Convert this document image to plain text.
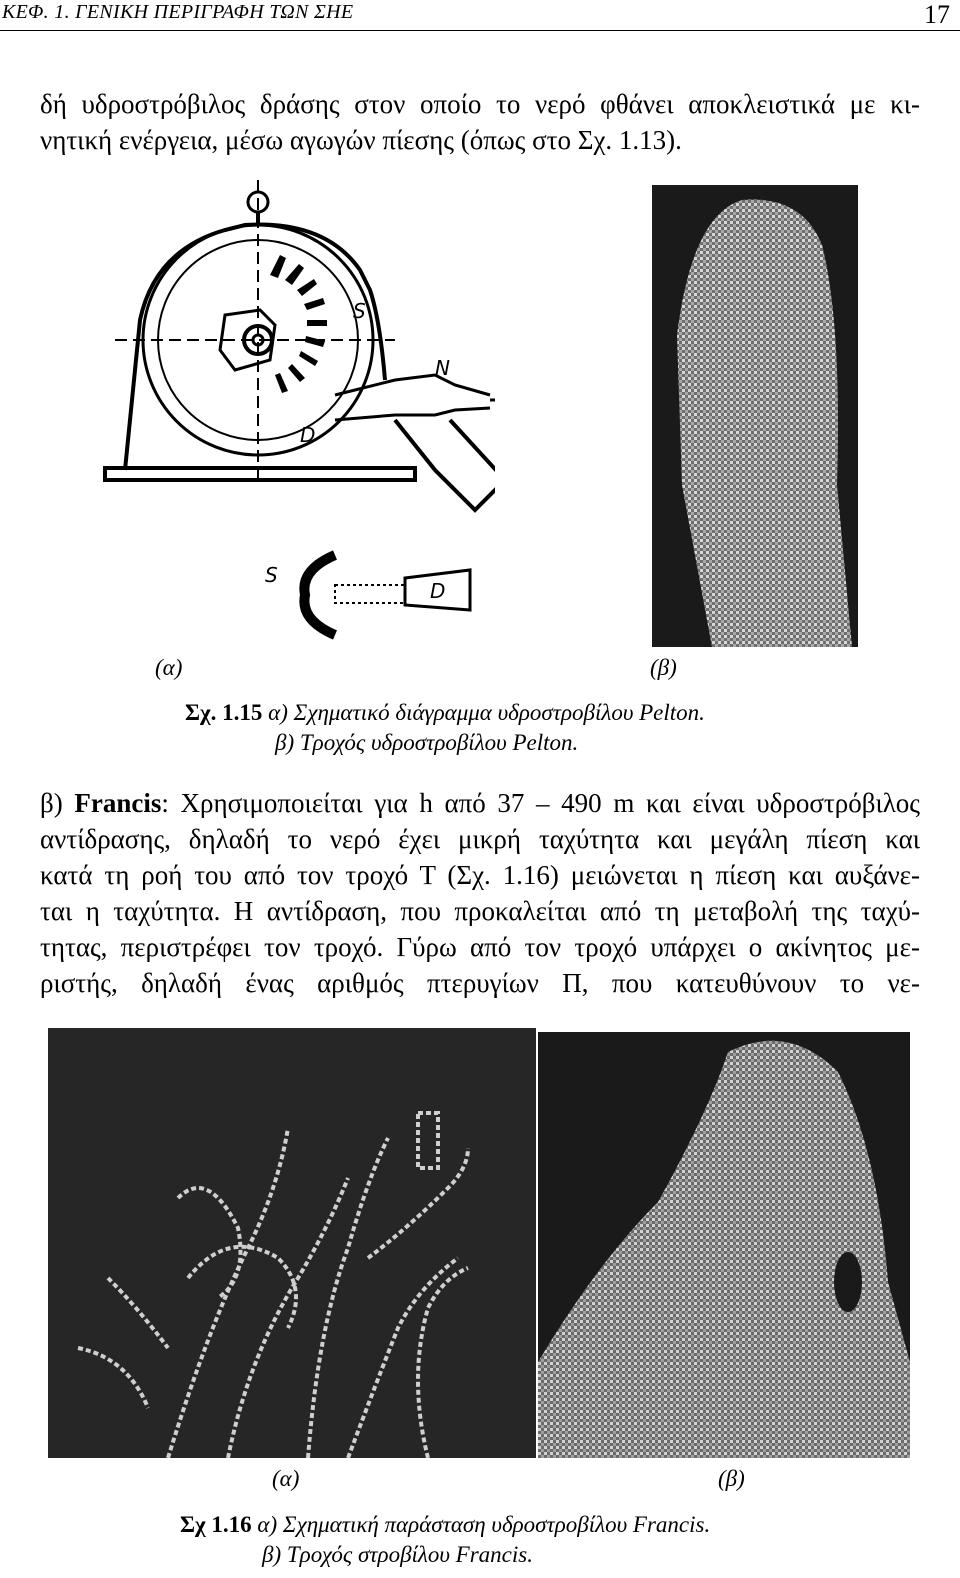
ΚΕΦ. 1. ΓΕΝΙΚΗ ΠΕΡΙΓΡΑΦΗ ΤΩΝ ΣΗΕ	17
δή υδροστρόβιλος δράσης στον οποίο το νερό φθάνει αποκλειστικά με κι-
νητική ενέργεια, μέσω αγωγών πίεσης (όπως στο Σχ. 1.13).
S
N
D
S
D
(α)	(β)
Σχ. 1.15 α) Σχηματικό διάγραμμα υδροστροβίλου Pelton.
β) Τροχός υδροστροβίλου Pelton.
β) Francis: Χρησιμοποιείται για h από 37 – 490 m και είναι υδροστρόβιλος
αντίδρασης, δηλαδή το νερό έχει μικρή ταχύτητα και μεγάλη πίεση και
κατά τη ροή του από τον τροχό Τ (Σχ. 1.16) μειώνεται η πίεση και αυξάνε-
ται η ταχύτητα. Η αντίδραση, που προκαλείται από τη μεταβολή της ταχύ-
τητας, περιστρέφει τον τροχό. Γύρω από τον τροχό υπάρχει ο ακίνητος με-
ριστής, δηλαδή ένας αριθμός πτερυγίων Π, που κατευθύνουν το νε-
(α)	(β)
Σχ 1.16 α) Σχηματική παράσταση υδροστροβίλου Francis.
β) Τροχός στροβίλου Francis.
